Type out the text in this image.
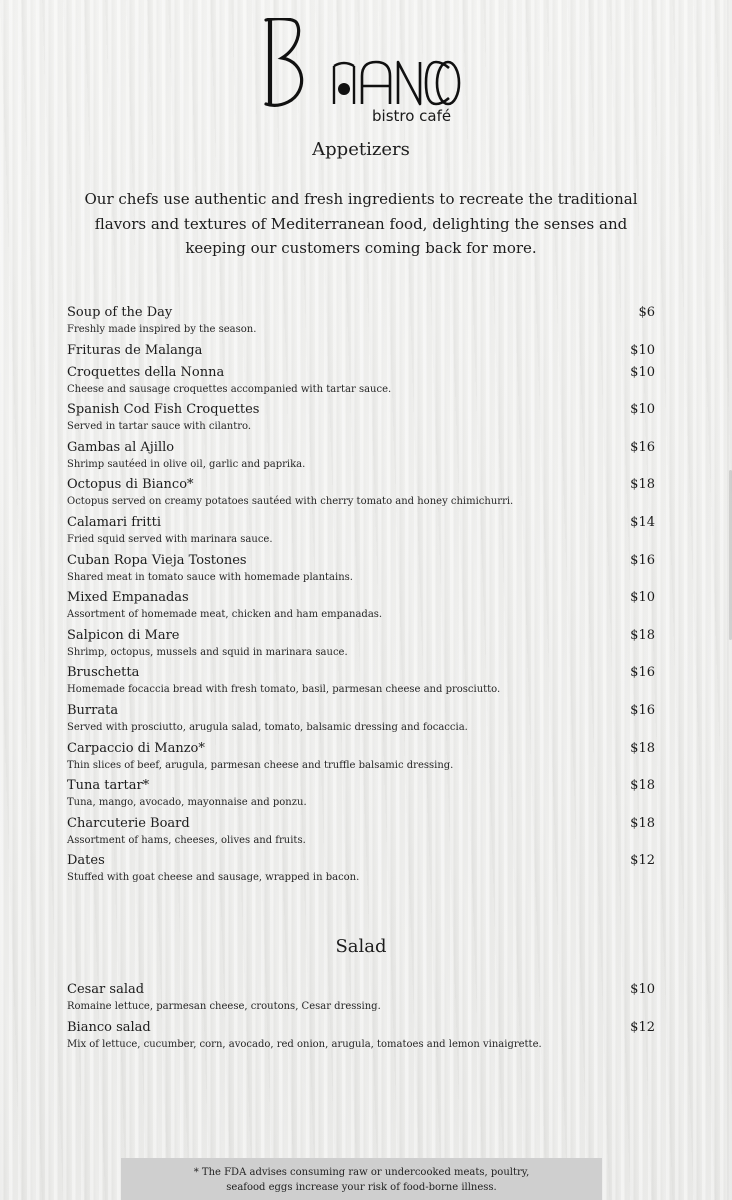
bistro café
Appetizers
Our chefs use authentic and fresh ingredients to recreate the traditional flavors and textures of Mediterranean food, delighting the senses and keeping our customers coming back for more.
Soup of the Day
Freshly made inspired by the season.
$6
Frituras de Malanga	$10
Croquettes della Nonna
Cheese and sausage croquettes accompanied with tartar sauce.
$10
Spanish Cod Fish Croquettes
Served in tartar sauce with cilantro.
$10
Gambas al Ajillo
Shrimp sautéed in olive oil, garlic and paprika.
$16
Octopus di Bianco*
Octopus served on creamy potatoes sautéed with cherry tomato and honey chimichurri.
$18
Calamari fritti
Fried squid served with marinara sauce.
$14
Cuban Ropa Vieja Tostones
Shared meat in tomato sauce with homemade plantains.
$16
Mixed Empanadas
Assortment of homemade meat, chicken and ham empanadas.
$10
Salpicon di Mare
Shrimp, octopus, mussels and squid in marinara sauce.
$18
Bruschetta
Homemade focaccia bread with fresh tomato, basil, parmesan cheese and prosciutto.
$16
Burrata
Served with prosciutto, arugula salad, tomato, balsamic dressing and focaccia.
$16
Carpaccio di Manzo*
Thin slices of beef, arugula, parmesan cheese and truffle balsamic dressing.
$18
Tuna tartar*
Tuna, mango, avocado, mayonnaise and ponzu.
$18
Charcuterie Board
Assortment of hams, cheeses, olives and fruits.
$18
Dates
Stuffed with goat cheese and sausage, wrapped in bacon.
$12
Salad
Cesar salad
Romaine lettuce, parmesan cheese, croutons, Cesar dressing.
$10
Bianco salad
Mix of lettuce, cucumber, corn, avocado, red onion, arugula, tomatoes and lemon vinaigrette.
$12
* The FDA advises consuming raw or undercooked meats, poultry,
seafood eggs increase your risk of food-borne illness.
